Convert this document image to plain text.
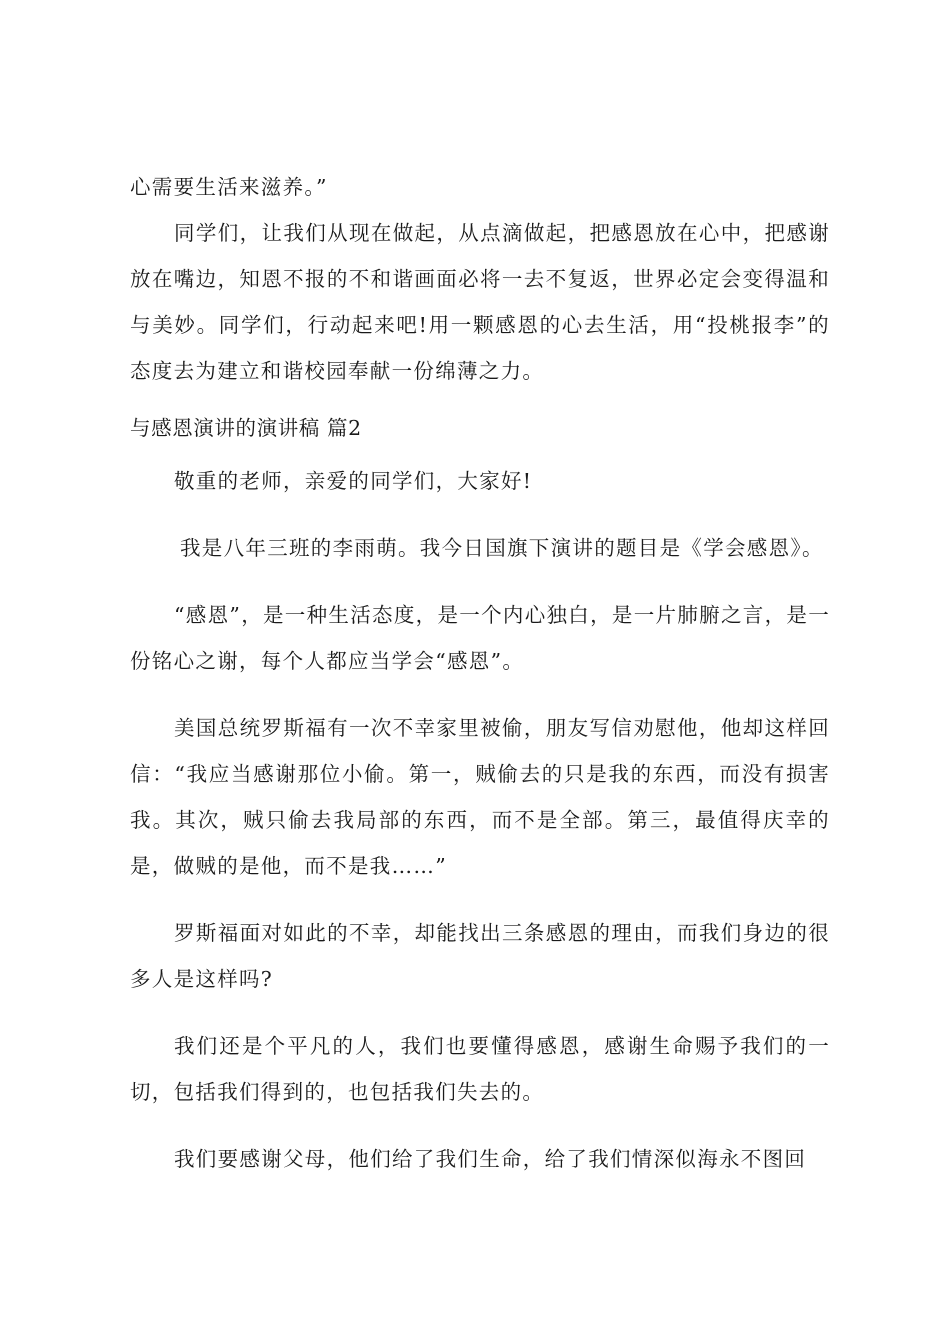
心需要生活来滋养。”

同学们，让我们从现在做起，从点滴做起，把感恩放在心中，把感谢放在嘴边，知恩不报的不和谐画面必将一去不复返，世界必定会变得温和与美妙。同学们，行动起来吧!用一颗感恩的心去生活，用“投桃报李”的态度去为建立和谐校园奉献一份绵薄之力。

与感恩演讲的演讲稿 篇2

敬重的老师，亲爱的同学们，大家好!

我是八年三班的李雨萌。我今日国旗下演讲的题目是《学会感恩》。

“感恩”，是一种生活态度，是一个内心独白，是一片肺腑之言，是一份铭心之谢，每个人都应当学会“感恩”。

美国总统罗斯福有一次不幸家里被偷，朋友写信劝慰他，他却这样回信：“我应当感谢那位小偷。第一，贼偷去的只是我的东西，而没有损害我。其次，贼只偷去我局部的东西，而不是全部。第三，最值得庆幸的是，做贼的是他，而不是我……”

罗斯福面对如此的不幸，却能找出三条感恩的理由，而我们身边的很多人是这样吗?

我们还是个平凡的人，我们也要懂得感恩，感谢生命赐予我们的一切，包括我们得到的，也包括我们失去的。

我们要感谢父母，他们给了我们生命，给了我们情深似海永不图回
